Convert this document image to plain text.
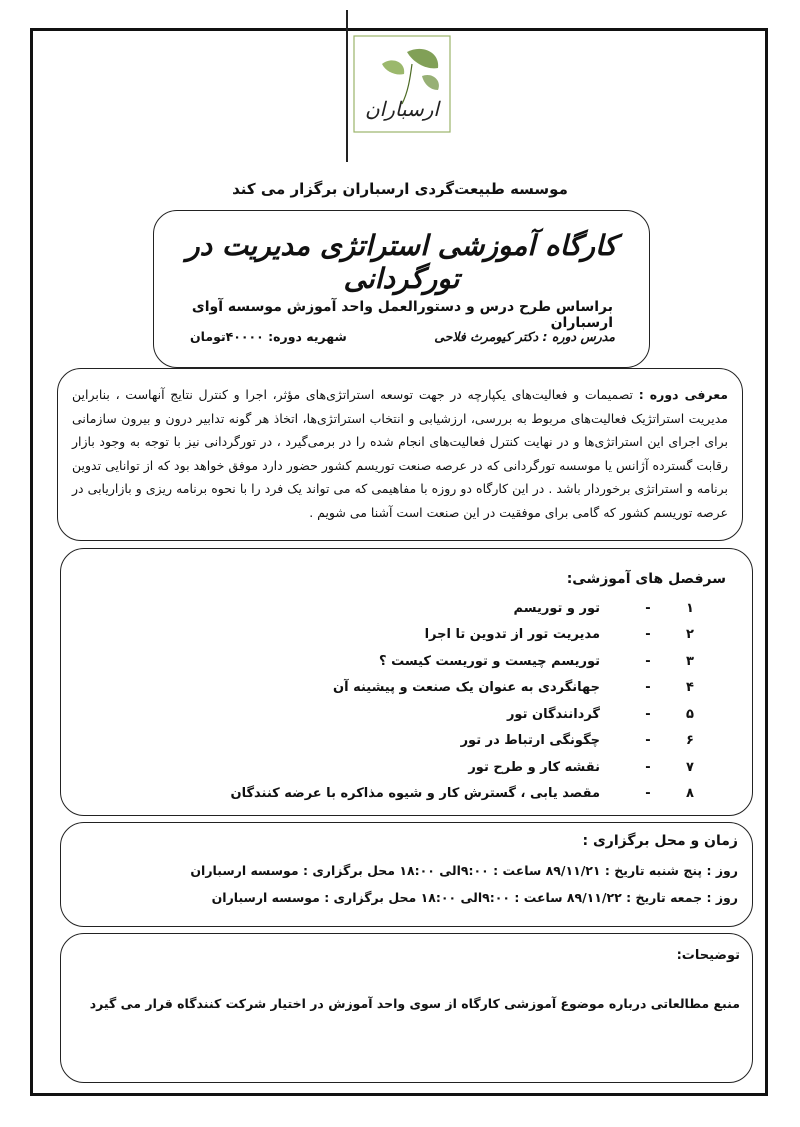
ارسباران
موسسه طبیعت‌گردی ارسباران برگزار می کند
کارگاه آموزشی استراتژی مدیریت در تورگردانی
براساس طرح درس و دستورالعمل واحد آموزش موسسه آوای ارسباران
مدرس دوره : دکتر کیومرث فلاحی
شهریه دوره: ۴۰۰۰۰تومان
معرفی دوره : تصمیمات و فعالیت‌های یکپارچه در جهت توسعه استراتژی‌های مؤثر، اجرا و کنترل نتایج آنهاست ، بنابراین مدیریت استراتژیک فعالیت‌های مربوط به بررسی، ارزشیابی و انتخاب استراتژی‌ها، اتخاذ هر گونه تدابیر درون و بیرون سازمانی برای اجرای این استراتژی‌ها و در نهایت کنترل فعالیت‌های انجام شده را در برمی‌گیرد ، در تورگردانی نیز با توجه به وجود بازار رقابت گسترده آژانس یا موسسه تورگردانی که در عرصه صنعت توریسم کشور حضور دارد موفق خواهد بود که از توانایی تدوین برنامه و استراتژی برخوردار باشد . در این کارگاه دو روزه با مفاهیمی که می تواند یک فرد را با نحوه برنامه ریزی و بازاریابی در عرصه توریسم کشور که گامی برای موفقیت در این صنعت است آشنا می شویم .
سرفصل های آموزشی:
۱
-
تور و توریسم
۲
-
مدیریت تور از تدوین تا اجرا
۳
-
توریسم چیست و توریست کیست ؟
۴
-
جهانگردی به عنوان یک صنعت و پیشینه آن
۵
-
گردانندگان تور
۶
-
چگونگی ارتباط در تور
۷
-
نقشه کار و طرح تور
۸
-
مقصد یابی ، گسترش کار و شیوه مذاکره با عرضه کنندگان
زمان و محل برگزاری :
روز : پنج شنبه تاریخ : ۸۹/۱۱/۲۱ ساعت : ۹:۰۰الی ۱۸:۰۰ محل برگزاری : موسسه ارسباران
روز : جمعه تاریخ : ۸۹/۱۱/۲۲ ساعت : ۹:۰۰الی ۱۸:۰۰ محل برگزاری : موسسه ارسباران
توضیحات:
منبع مطالعاتی درباره موضوع آموزشی کارگاه از سوی واحد آموزش در اختیار شرکت کنندگاه قرار می گیرد
